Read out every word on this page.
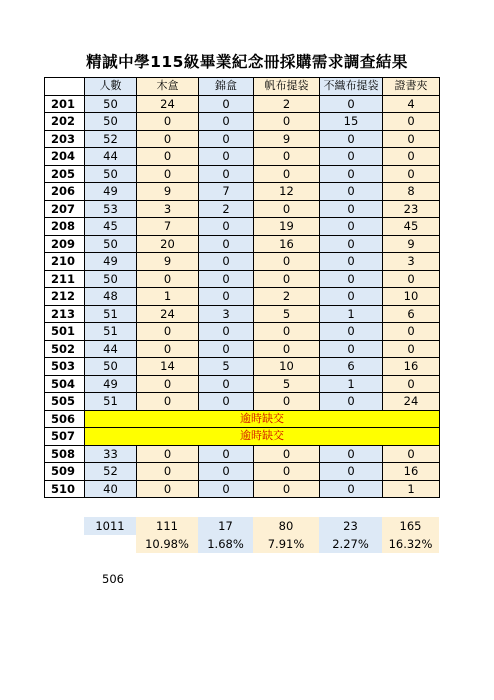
精誠中學115級畢業紀念冊採購需求調查結果
	人數	木盒	錦盒	帆布提袋	不織布提袋	證書夾
201	50	24	0	2	0	4
202	50	0	0	0	15	0
203	52	0	0	9	0	0
204	44	0	0	0	0	0
205	50	0	0	0	0	0
206	49	9	7	12	0	8
207	53	3	2	0	0	23
208	45	7	0	19	0	45
209	50	20	0	16	0	9
210	49	9	0	0	0	3
211	50	0	0	0	0	0
212	48	1	0	2	0	10
213	51	24	3	5	1	6
501	51	0	0	0	0	0
502	44	0	0	0	0	0
503	50	14	5	10	6	16
504	49	0	0	5	1	0
505	51	0	0	0	0	24
506	逾時缺交					
507	逾時缺交					
508	33	0	0	0	0	0
509	52	0	0	0	0	16
510	40	0	0	0	0	1
1011	111	17	80	23	165
	10.98%	1.68%	7.91%	2.27%	16.32%
506
